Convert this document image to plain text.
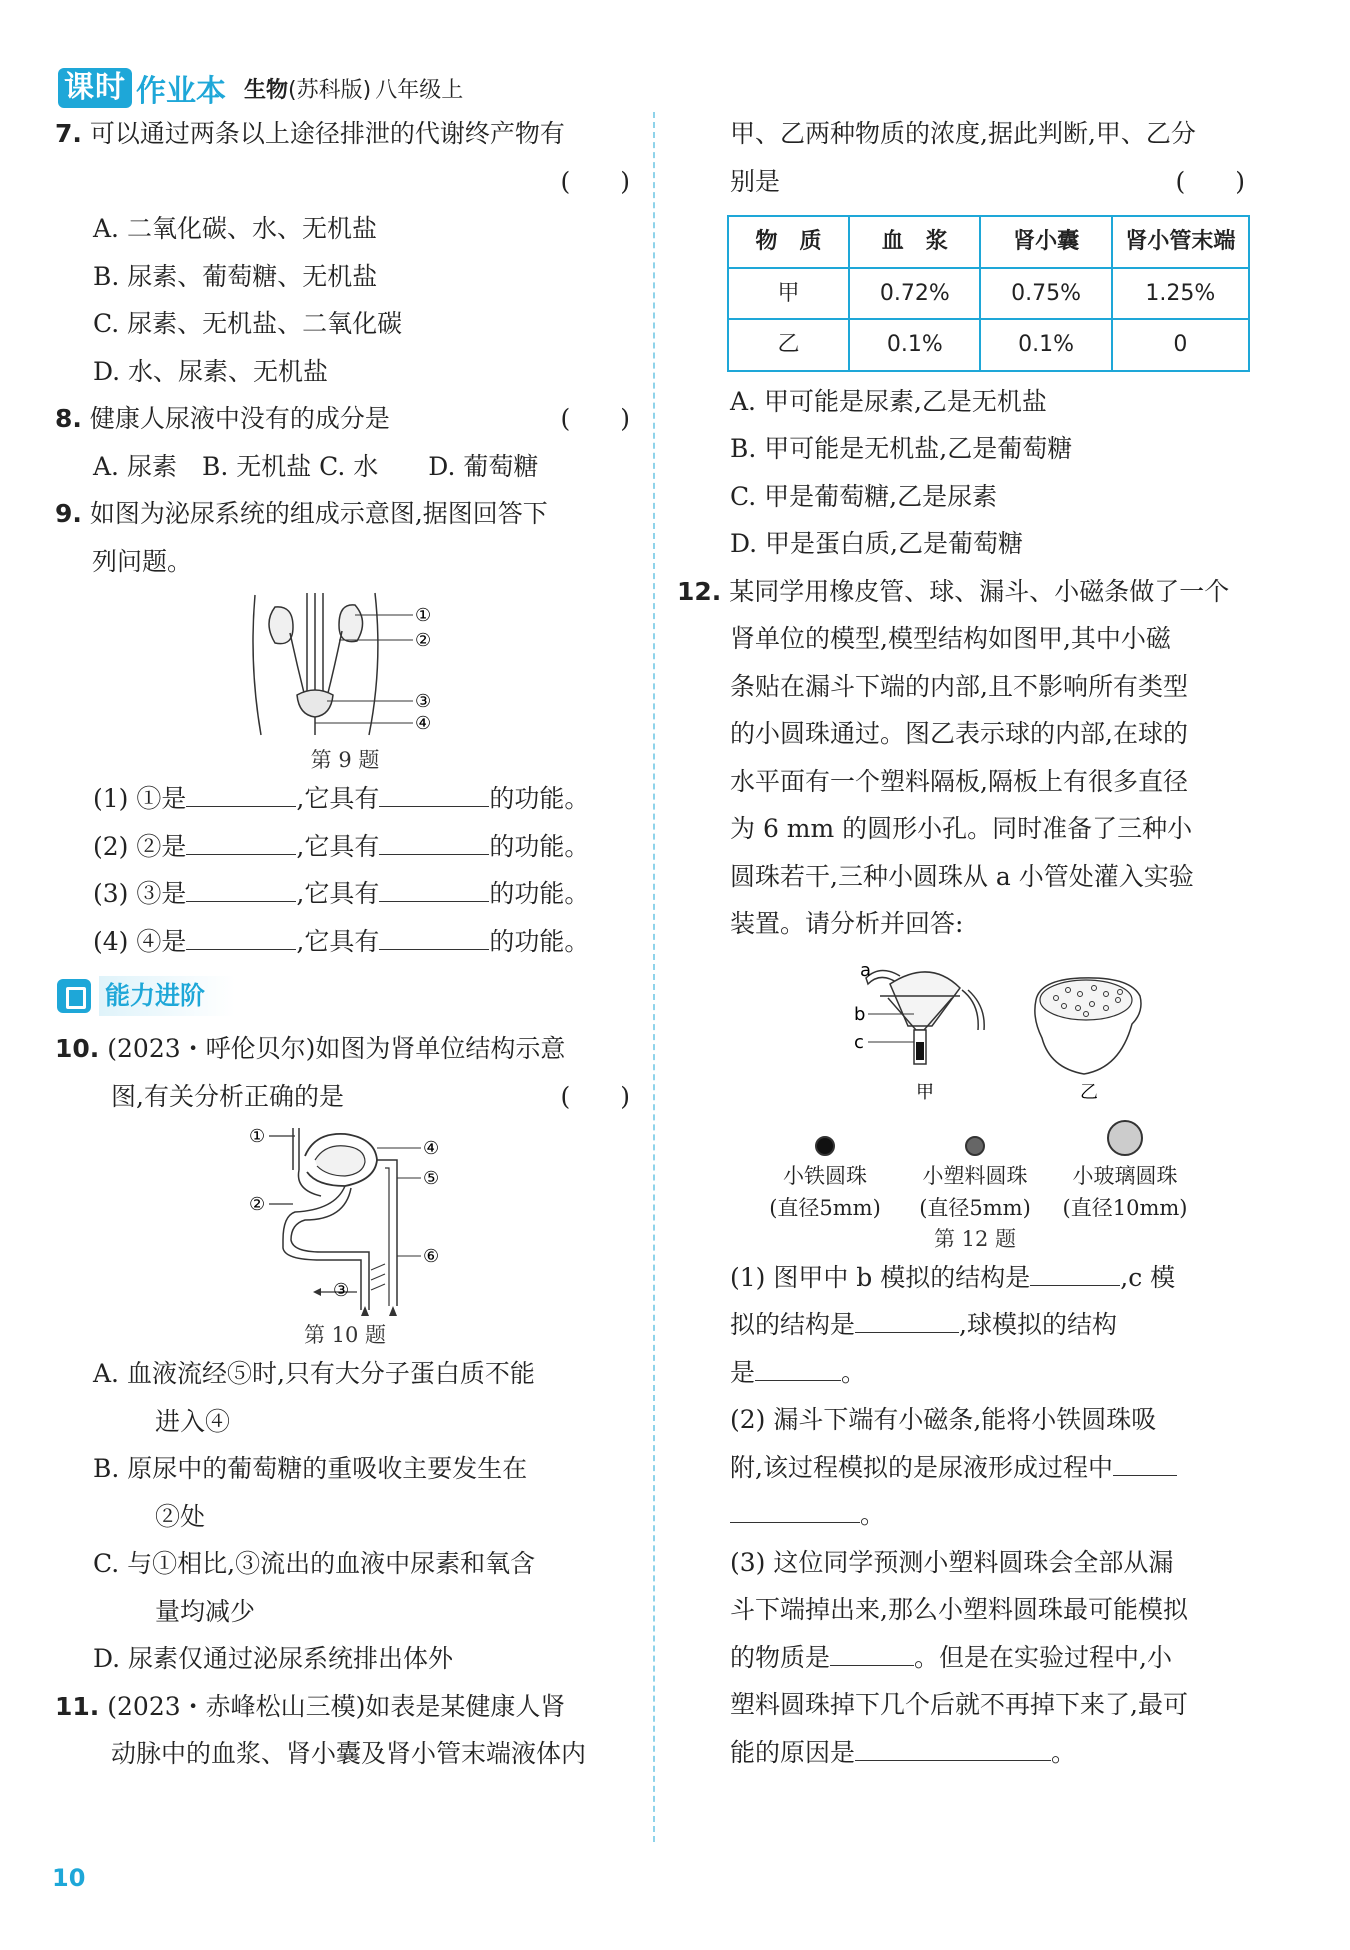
课时 作业本 生物 (苏科版) 八年级上
7. 可以通过两条以上途径排泄的代谢终产物有
(　　)

A. 二氧化碳、水、无机盐
B. 尿素、葡萄糖、无机盐
C. 尿素、无机盐、二氧化碳
D. 水、尿素、无机盐
8. 健康人尿液中没有的成分是	(　　)
A. 尿素　B. 无机盐 C. 水　　D. 葡萄糖
9. 如图为泌尿系统的组成示意图,据图回答下
列问题。
①
②
③
④
第 9 题
(1) ①是	,它具有	的功能。
(2) ②是	,它具有	的功能。
(3) ③是	,它具有	的功能。
(4) ④是	,它具有	的功能。
能力进阶
10. (2023・呼伦贝尔)如图为肾单位结构示意
图,有关分析正确的是	(　　)
①
②
③
④
⑤
⑥
第 10 题
A. 血液流经⑤时,只有大分子蛋白质不能
进入④
B. 原尿中的葡萄糖的重吸收主要发生在
②处
C. 与①相比,③流出的血液中尿素和氧含
量均减少
D. 尿素仅通过泌尿系统排出体外
11. (2023・赤峰松山三模)如表是某健康人肾
动脉中的血浆、肾小囊及肾小管末端液体内
甲、乙两种物质的浓度,据此判断,甲、乙分
别是	(　　)
物　质	血　浆	肾小囊	肾小管末端
甲	0.72%	0.75%	1.25%
乙	0.1%	0.1%	0
A. 甲可能是尿素,乙是无机盐
B. 甲可能是无机盐,乙是葡萄糖
C. 甲是葡萄糖,乙是尿素
D. 甲是蛋白质,乙是葡萄糖
12. 某同学用橡皮管、球、漏斗、小磁条做了一个
肾单位的模型,模型结构如图甲,其中小磁
条贴在漏斗下端的内部,且不影响所有类型
的小圆珠通过。图乙表示球的内部,在球的
水平面有一个塑料隔板,隔板上有很多直径
为 6 mm 的圆形小孔。同时准备了三种小
圆珠若干,三种小圆珠从 a 小管处灌入实验
装置。请分析并回答:
a
b
c
甲	乙
小铁圆珠
(直径5mm)
小塑料圆珠
(直径5mm)
小玻璃圆珠
(直径10mm)
第 12 题
(1) 图甲中 b 模拟的结构是	,c 模
拟的结构是	,球模拟的结构
是	。
(2) 漏斗下端有小磁条,能将小铁圆珠吸
附,该过程模拟的是尿液形成过程中
。
(3) 这位同学预测小塑料圆珠会全部从漏
斗下端掉出来,那么小塑料圆珠最可能模拟
的物质是	。但是在实验过程中,小
塑料圆珠掉下几个后就不再掉下来了,最可
能的原因是	。
10
